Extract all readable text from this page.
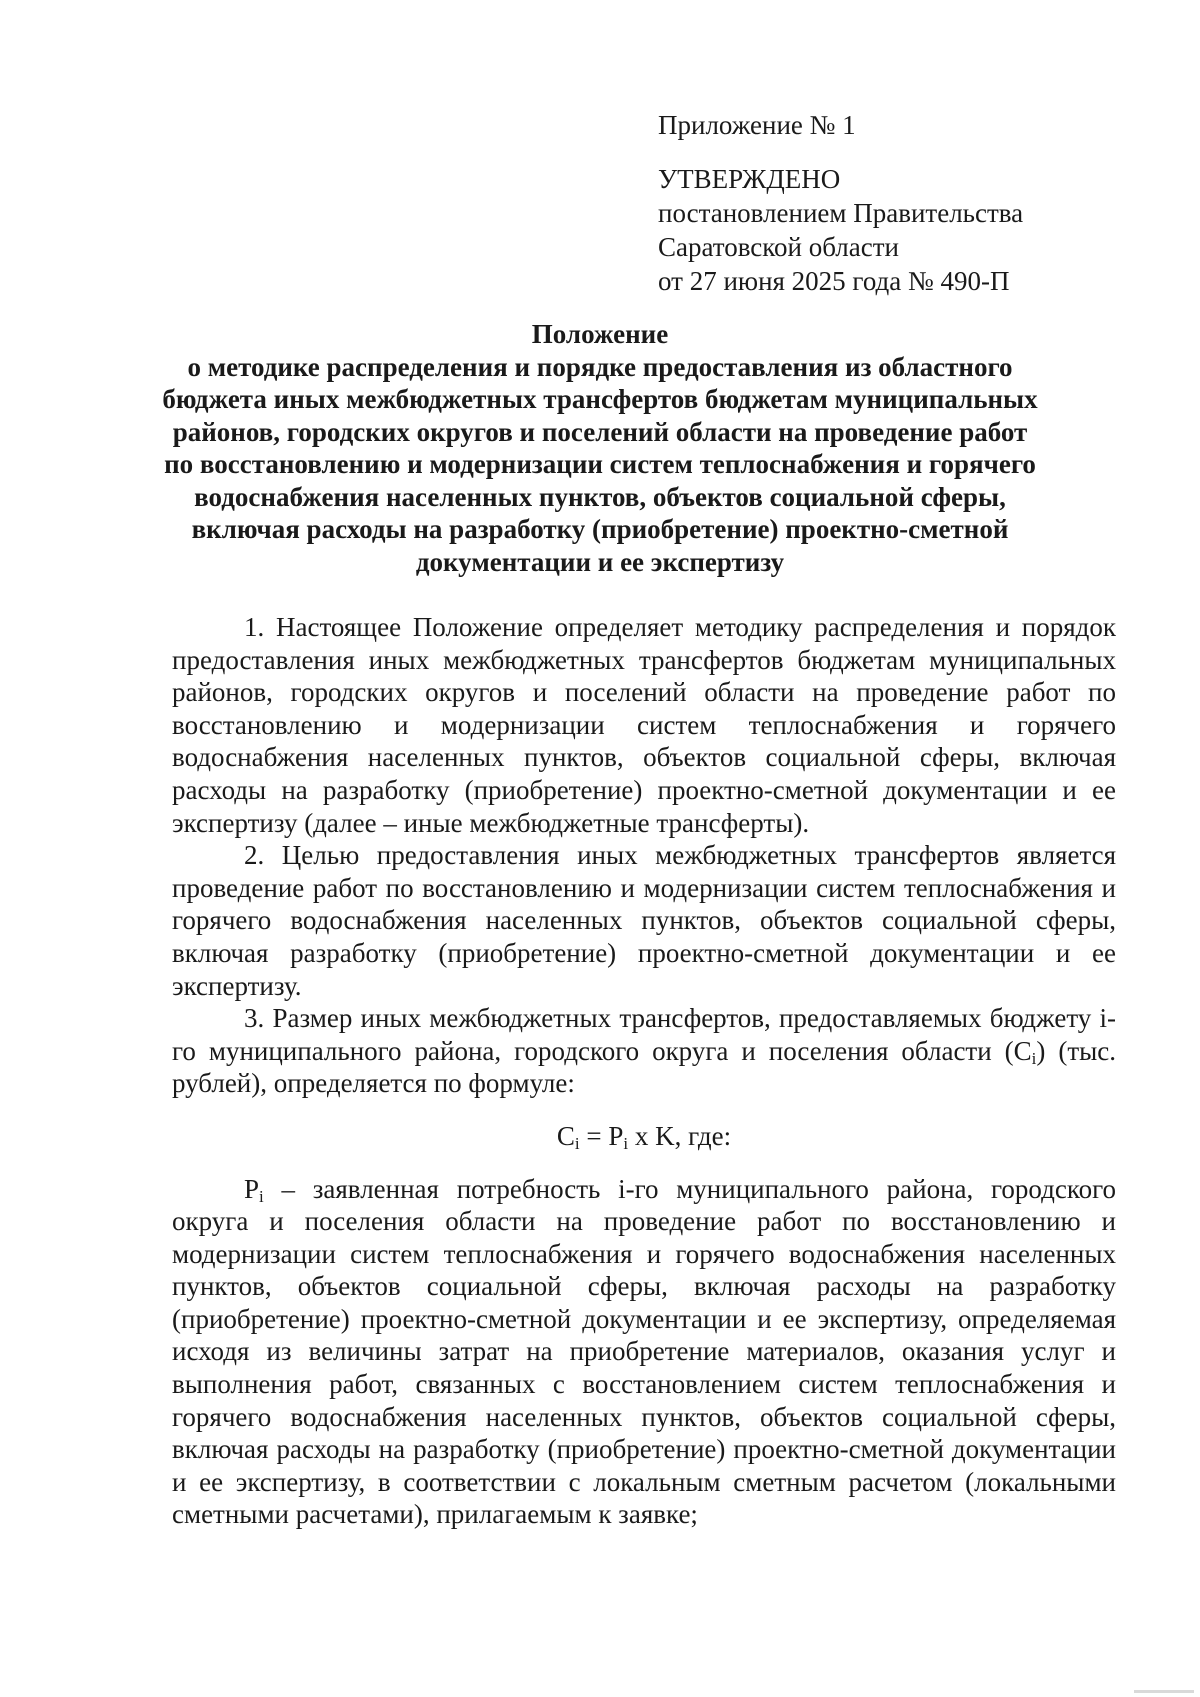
Приложение № 1
УТВЕРЖДЕНО
постановлением Правительства
Саратовской области
от 27 июня 2025 года № 490-П
Положение
о методике распределения и порядке предоставления из областного
бюджета иных межбюджетных трансфертов бюджетам муниципальных
районов, городских округов и поселений области на проведение работ
по восстановлению и модернизации систем теплоснабжения и горячего
водоснабжения населенных пунктов, объектов социальной сферы,
включая расходы на разработку (приобретение) проектно-сметной
документации и ее экспертизу

1. Настоящее Положение определяет методику распределения и порядок предоставления иных межбюджетных трансфертов бюджетам муниципальных районов, городских округов и поселений области на проведение работ по восстановлению и модернизации систем теплоснабжения и горячего водоснабжения населенных пунктов, объектов социальной сферы, включая расходы на разработку (приобретение) проектно-сметной документации и ее экспертизу (далее – иные межбюджетные трансферты).

2. Целью предоставления иных межбюджетных трансфертов является проведение работ по восстановлению и модернизации систем теплоснабжения и горячего водоснабжения населенных пунктов, объектов социальной сферы, включая разработку (приобретение) проектно-сметной документации и ее экспертизу.

3. Размер иных межбюджетных трансфертов, предоставляемых бюджету i-го муниципального района, городского округа и поселения области $(C_i)$ (тыс. рублей), определяется по формуле:

$C_i = P_i$ x K, где:

$P_i$ – заявленная потребность i-го муниципального района, городского округа и поселения области на проведение работ по восстановлению и модернизации систем теплоснабжения и горячего водоснабжения населенных пунктов, объектов социальной сферы, включая расходы на разработку (приобретение) проектно-сметной документации и ее экспертизу, определяемая исходя из величины затрат на приобретение материалов, оказания услуг и выполнения работ, связанных с восстановлением систем теплоснабжения и горячего водоснабжения населенных пунктов, объектов социальной сферы, включая расходы на разработку (приобретение) проектно-сметной документации и ее экспертизу, в соответствии с локальным сметным расчетом (локальными сметными расчетами), прилагаемым к заявке;
